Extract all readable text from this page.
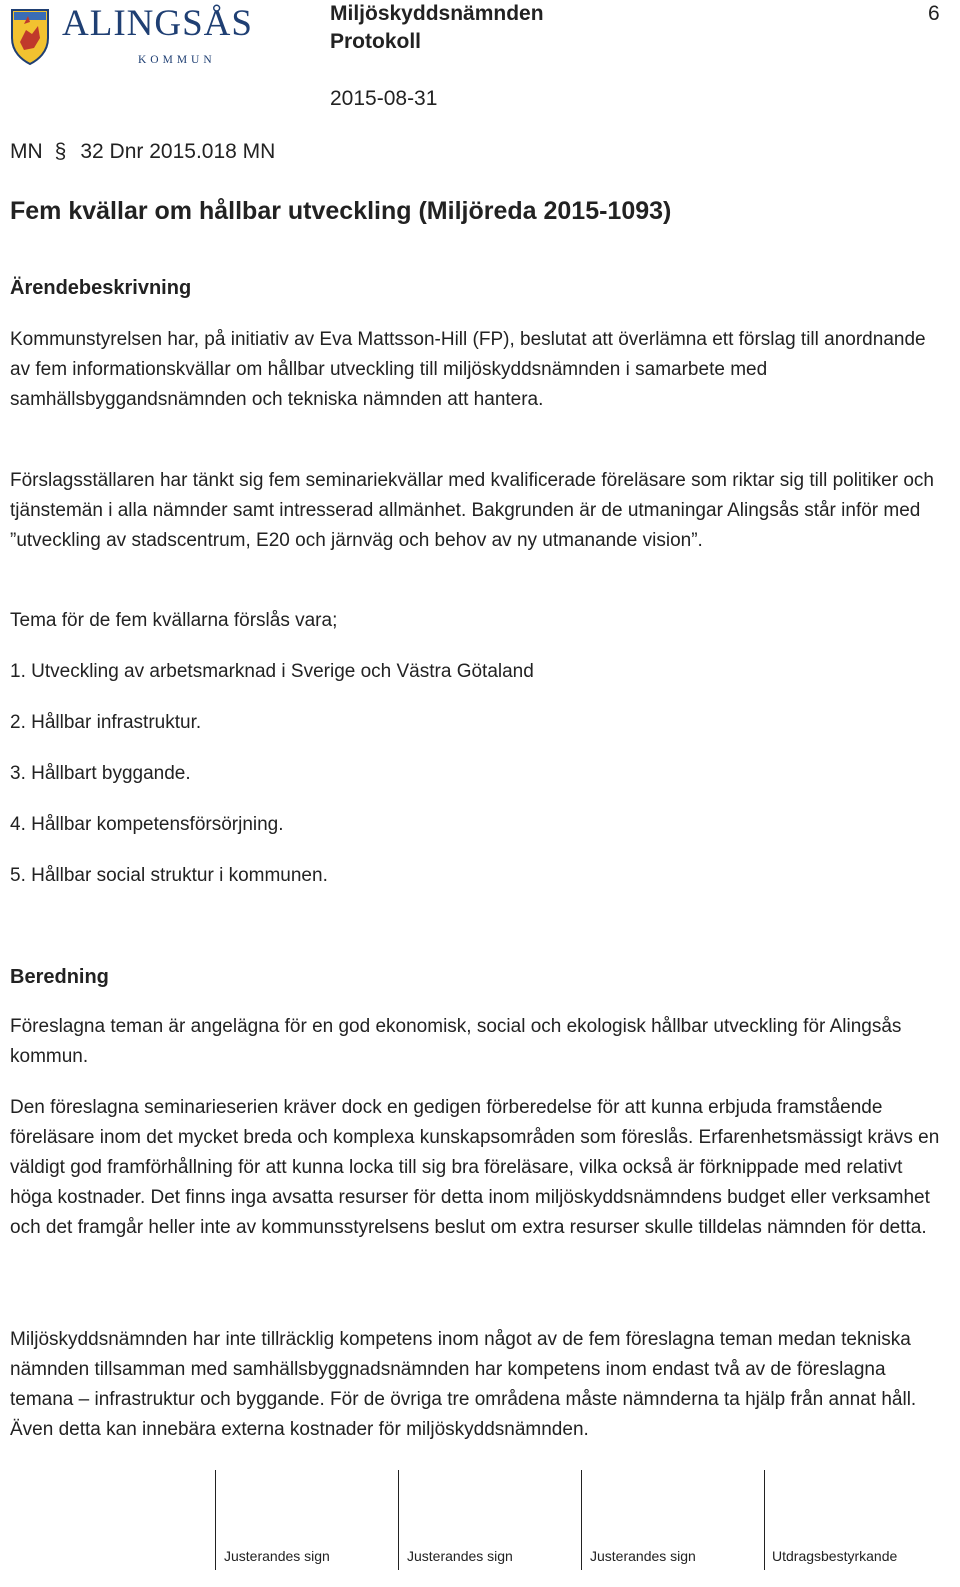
ALINGSÅS
KOMMUN
Miljöskyddsnämnden
Protokoll
6
2015-08-31
MN § 32 Dnr 2015.018 MN
Fem kvällar om hållbar utveckling (Miljöreda 2015-1093)
Ärendebeskrivning
Kommunstyrelsen har, på initiativ av Eva Mattsson-Hill (FP), beslutat att överlämna ett förslag till anordnande av fem informationskvällar om hållbar utveckling till miljöskyddsnämnden i samarbete med samhällsbyggandsnämnden och tekniska nämnden att hantera.
Förslagsställaren har tänkt sig fem seminariekvällar med kvalificerade föreläsare som riktar sig till politiker och tjänstemän i alla nämnder samt intresserad allmänhet. Bakgrunden är de utmaningar Alingsås står inför med ”utveckling av stadscentrum, E20 och järnväg och behov av ny utmanande vision”.
Tema för de fem kvällarna förslås vara;
1. Utveckling av arbetsmarknad i Sverige och Västra Götaland
2. Hållbar infrastruktur.
3. Hållbart byggande.
4. Hållbar kompetensförsörjning.
5. Hållbar social struktur i kommunen.
Beredning
Föreslagna teman är angelägna för en god ekonomisk, social och ekologisk hållbar utveckling för Alingsås kommun.
Den föreslagna seminarieserien kräver dock en gedigen förberedelse för att kunna erbjuda framstående föreläsare inom det mycket breda och komplexa kunskapsområden som föreslås. Erfarenhetsmässigt krävs en väldigt god framförhållning för att kunna locka till sig bra föreläsare, vilka också är förknippade med relativt höga kostnader. Det finns inga avsatta resurser för detta inom miljöskyddsnämndens budget eller verksamhet och det framgår heller inte av kommunsstyrelsens beslut om extra resurser skulle tilldelas nämnden för detta.
Miljöskyddsnämnden har inte tillräcklig kompetens inom något av de fem föreslagna teman medan tekniska nämnden tillsamman med samhällsbyggnadsnämnden har kompetens inom endast två av de föreslagna temana – infrastruktur och byggande. För de övriga tre områdena måste nämnderna ta hjälp från annat håll. Även detta kan innebära externa kostnader för miljöskyddsnämnden.
Justerandes sign	Justerandes sign	Justerandes sign	Utdragsbestyrkande
